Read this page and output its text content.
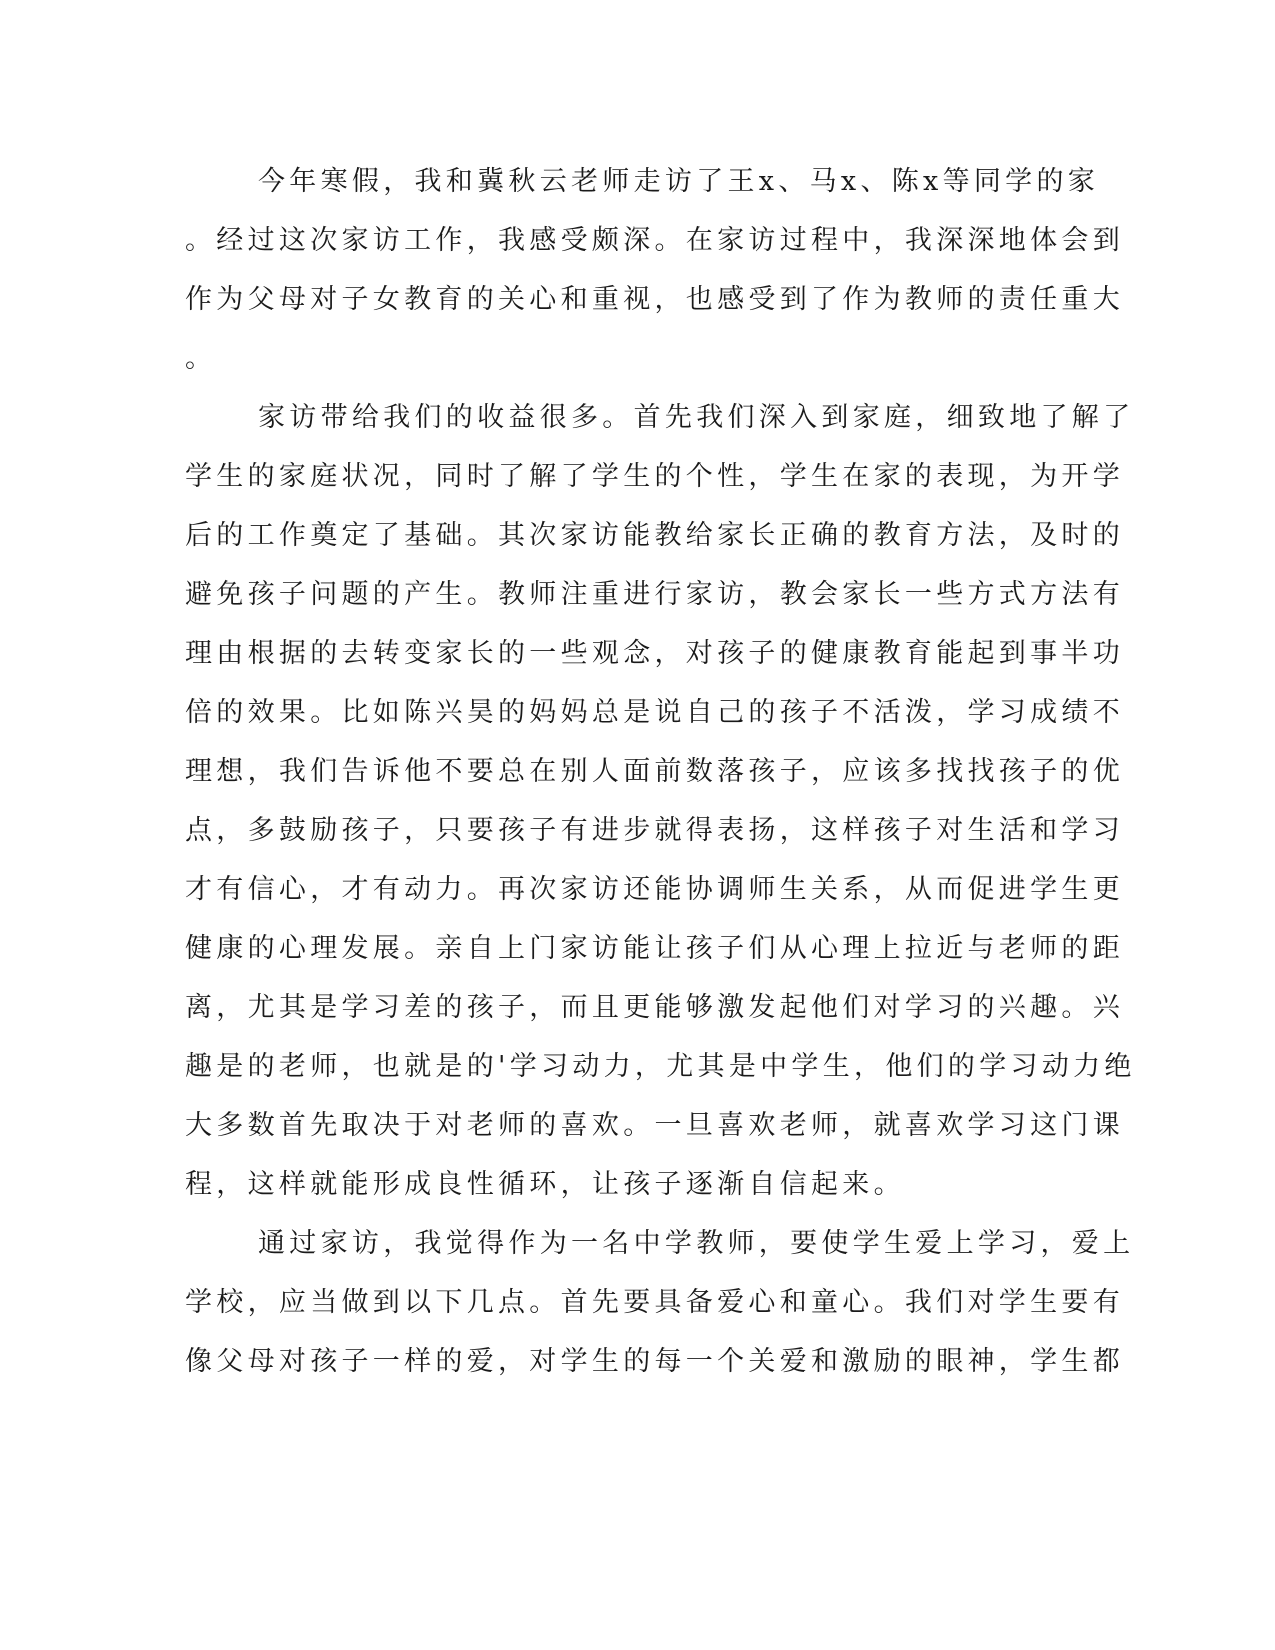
今年寒假，我和冀秋云老师走访了王x、马x、陈x等同学的家
。经过这次家访工作，我感受颇深。在家访过程中，我深深地体会到
作为父母对子女教育的关心和重视，也感受到了作为教师的责任重大
。
家访带给我们的收益很多。首先我们深入到家庭，细致地了解了
学生的家庭状况，同时了解了学生的个性，学生在家的表现，为开学
后的工作奠定了基础。其次家访能教给家长正确的教育方法，及时的
避免孩子问题的产生。教师注重进行家访，教会家长一些方式方法有
理由根据的去转变家长的一些观念，对孩子的健康教育能起到事半功
倍的效果。比如陈兴昊的妈妈总是说自己的孩子不活泼，学习成绩不
理想，我们告诉他不要总在别人面前数落孩子，应该多找找孩子的优
点，多鼓励孩子，只要孩子有进步就得表扬，这样孩子对生活和学习
才有信心，才有动力。再次家访还能协调师生关系，从而促进学生更
健康的心理发展。亲自上门家访能让孩子们从心理上拉近与老师的距
离，尤其是学习差的孩子，而且更能够激发起他们对学习的兴趣。兴
趣是的老师，也就是的'学习动力，尤其是中学生，他们的学习动力绝
大多数首先取决于对老师的喜欢。一旦喜欢老师，就喜欢学习这门课
程，这样就能形成良性循环，让孩子逐渐自信起来。
通过家访，我觉得作为一名中学教师，要使学生爱上学习，爱上
学校，应当做到以下几点。首先要具备爱心和童心。我们对学生要有
像父母对孩子一样的爱，对学生的每一个关爱和激励的眼神，学生都
